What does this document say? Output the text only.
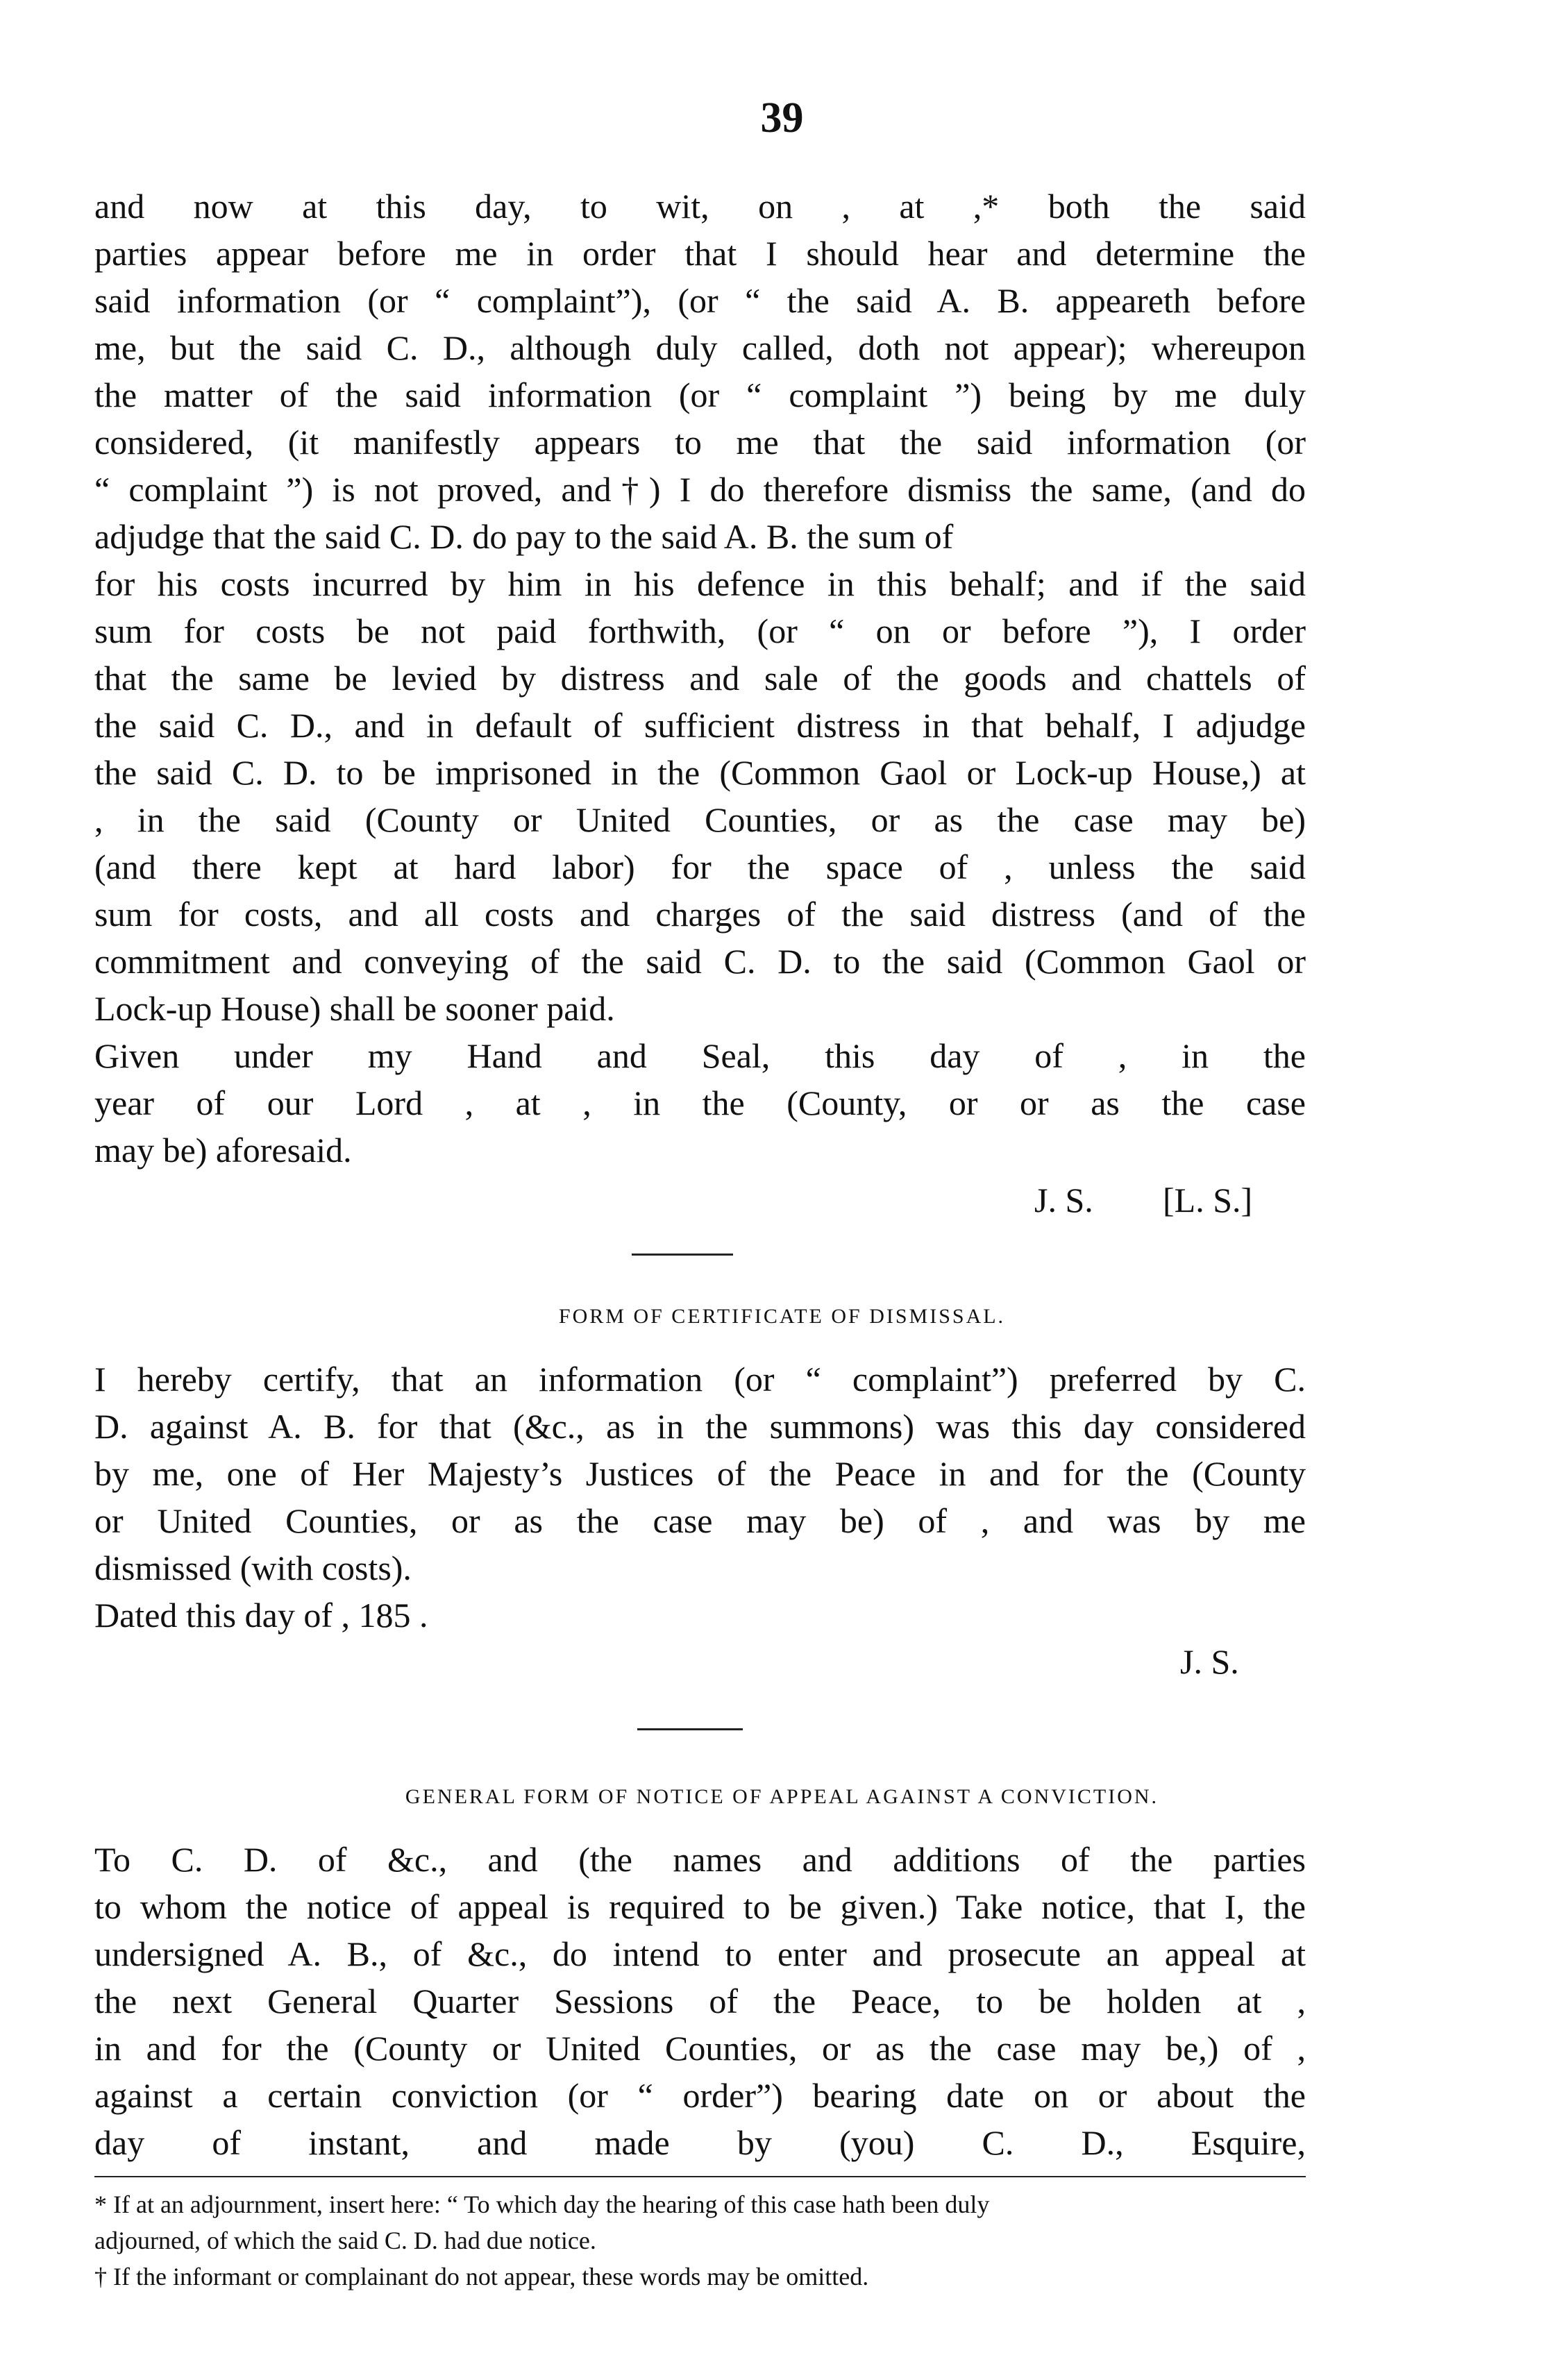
39
and now at this day, to wit, on , at ,* both the said
parties appear before me in order that I should hear and determine the
said information (or “ complaint”), (or “ the said A. B. appeareth before
me, but the said C. D., although duly called, doth not appear); whereupon
the matter of the said information (or “ complaint ”) being by me duly
considered, (it manifestly appears to me that the said information (or
“ complaint ”) is not proved, and†) I do therefore dismiss the same, (and do
adjudge that the said C. D. do pay to the said A. B. the sum of
for his costs incurred by him in his defence in this behalf; and if the said
sum for costs be not paid forthwith, (or “ on or before ”), I order
that the same be levied by distress and sale of the goods and chattels of
the said C. D., and in default of sufficient distress in that behalf, I adjudge
the said C. D. to be imprisoned in the (Common Gaol or Lock-up House,) at
, in the said (County or United Counties, or as the case may be)
(and there kept at hard labor) for the space of , unless the said
sum for costs, and all costs and charges of the said distress (and of the
commitment and conveying of the said C. D. to the said (Common Gaol or
Lock-up House) shall be sooner paid.
Given under my Hand and Seal, this day of , in the
year of our Lord , at , in the (County, or or as the case
may be) aforesaid.
J. S. [L. S.]
FORM OF CERTIFICATE OF DISMISSAL.
I hereby certify, that an information (or “ complaint”) preferred by C.
D. against A. B. for that (&c., as in the summons) was this day considered
by me, one of Her Majesty’s Justices of the Peace in and for the (County
or United Counties, or as the case may be) of , and was by me
dismissed (with costs).
Dated this day of , 185 .
J. S.
GENERAL FORM OF NOTICE OF APPEAL AGAINST A CONVICTION.
To C. D. of &c., and (the names and additions of the parties
to whom the notice of appeal is required to be given.) Take notice, that I, the
undersigned A. B., of &c., do intend to enter and prosecute an appeal at
the next General Quarter Sessions of the Peace, to be holden at ,
in and for the (County or United Counties, or as the case may be,) of ,
against a certain conviction (or “ order”) bearing date on or about the
day of instant, and made by (you) C. D., Esquire,
* If at an adjournment, insert here: “ To which day the hearing of this case hath been duly
adjourned, of which the said C. D. had due notice.
† If the informant or complainant do not appear, these words may be omitted.
